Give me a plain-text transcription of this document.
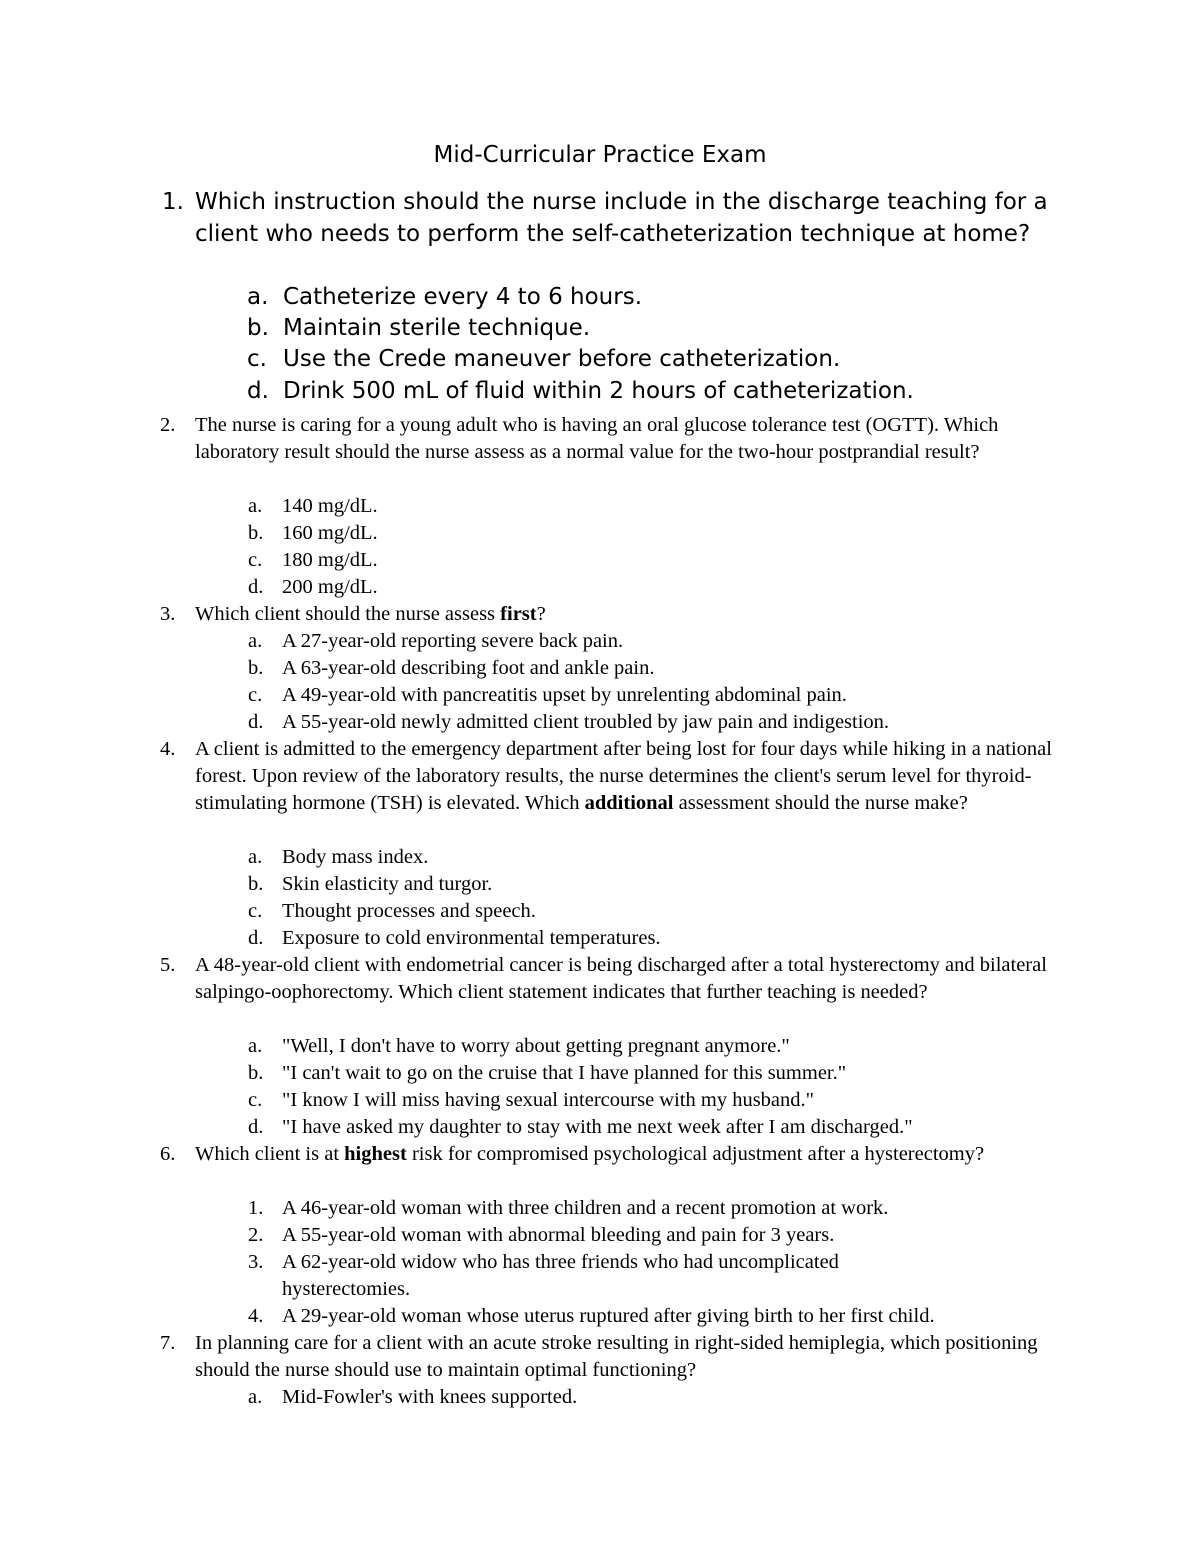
Mid-Curricular Practice Exam
1. Which instruction should the nurse include in the discharge teaching for a client who needs to perform the self-catheterization technique at home?
a. Catheterize every 4 to 6 hours.
b. Maintain sterile technique.
c. Use the Crede maneuver before catheterization.
d. Drink 500 mL of fluid within 2 hours of catheterization.
2. The nurse is caring for a young adult who is having an oral glucose tolerance test (OGTT). Which laboratory result should the nurse assess as a normal value for the two-hour postprandial result?
a. 140 mg/dL.
b. 160 mg/dL.
c. 180 mg/dL.
d. 200 mg/dL.
3. Which client should the nurse assess first?
a. A 27-year-old reporting severe back pain.
b. A 63-year-old describing foot and ankle pain.
c. A 49-year-old with pancreatitis upset by unrelenting abdominal pain.
d. A 55-year-old newly admitted client troubled by jaw pain and indigestion.
4. A client is admitted to the emergency department after being lost for four days while hiking in a national forest. Upon review of the laboratory results, the nurse determines the client's serum level for thyroid-stimulating hormone (TSH) is elevated. Which additional assessment should the nurse make?
a. Body mass index.
b. Skin elasticity and turgor.
c. Thought processes and speech.
d. Exposure to cold environmental temperatures.
5. A 48-year-old client with endometrial cancer is being discharged after a total hysterectomy and bilateral salpingo-oophorectomy. Which client statement indicates that further teaching is needed?
a. "Well, I don't have to worry about getting pregnant anymore."
b. "I can't wait to go on the cruise that I have planned for this summer."
c. "I know I will miss having sexual intercourse with my husband."
d. "I have asked my daughter to stay with me next week after I am discharged."
6. Which client is at highest risk for compromised psychological adjustment after a hysterectomy?
1. A 46-year-old woman with three children and a recent promotion at work.
2. A 55-year-old woman with abnormal bleeding and pain for 3 years.
3. A 62-year-old widow who has three friends who had uncomplicated
hysterectomies.
4. A 29-year-old woman whose uterus ruptured after giving birth to her first child.
7. In planning care for a client with an acute stroke resulting in right-sided hemiplegia, which positioning should the nurse should use to maintain optimal functioning?
a. Mid-Fowler's with knees supported.
